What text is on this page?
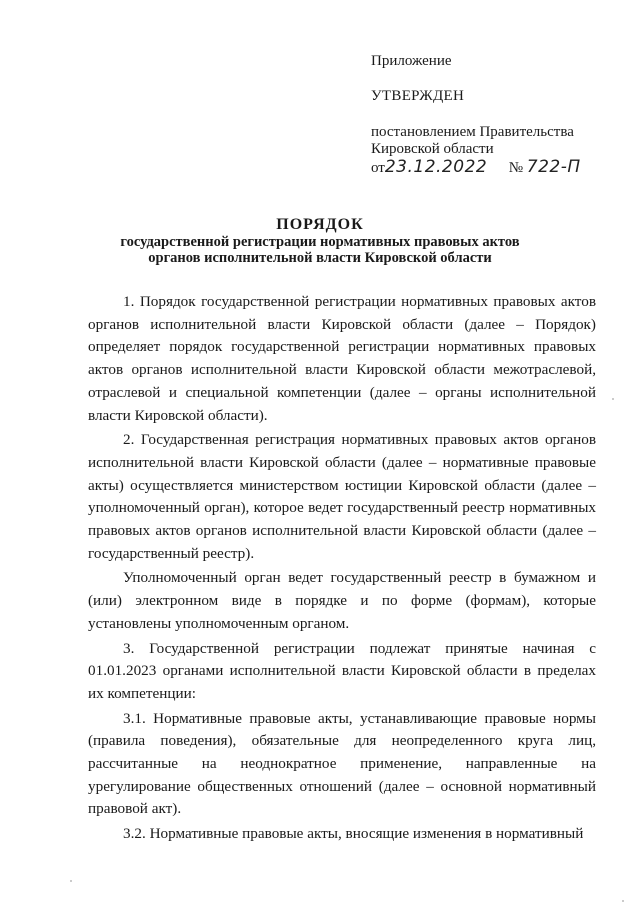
Приложение
УТВЕРЖДЕН
постановлением Правительства
Кировской области
от23.12.2022 № 722-П
ПОРЯДОК
государственной регистрации нормативных правовых актов
органов исполнительной власти Кировской области

1. Порядок государственной регистрации нормативных правовых актов органов исполнительной власти Кировской области (далее – Порядок) определяет порядок государственной регистрации нормативных правовых актов органов исполнительной власти Кировской области межотраслевой, отраслевой и специальной компетенции (далее – органы исполнительной власти Кировской области).

2. Государственная регистрация нормативных правовых актов органов исполнительной власти Кировской области (далее – нормативные правовые акты) осуществляется министерством юстиции Кировской области (далее – уполномоченный орган), которое ведет государственный реестр нормативных правовых актов органов исполнительной власти Кировской области (далее – государственный реестр).

Уполномоченный орган ведет государственный реестр в бумажном и (или) электронном виде в порядке и по форме (формам), которые установлены уполномоченным органом.

3. Государственной регистрации подлежат принятые начиная с 01.01.2023 органами исполнительной власти Кировской области в пределах их компетенции:

3.1. Нормативные правовые акты, устанавливающие правовые нормы (правила поведения), обязательные для неопределенного круга лиц, рассчитанные на неоднократное применение, направленные на урегулирование общественных отношений (далее – основной нормативный правовой акт).

3.2. Нормативные правовые акты, вносящие изменения в нормативный
